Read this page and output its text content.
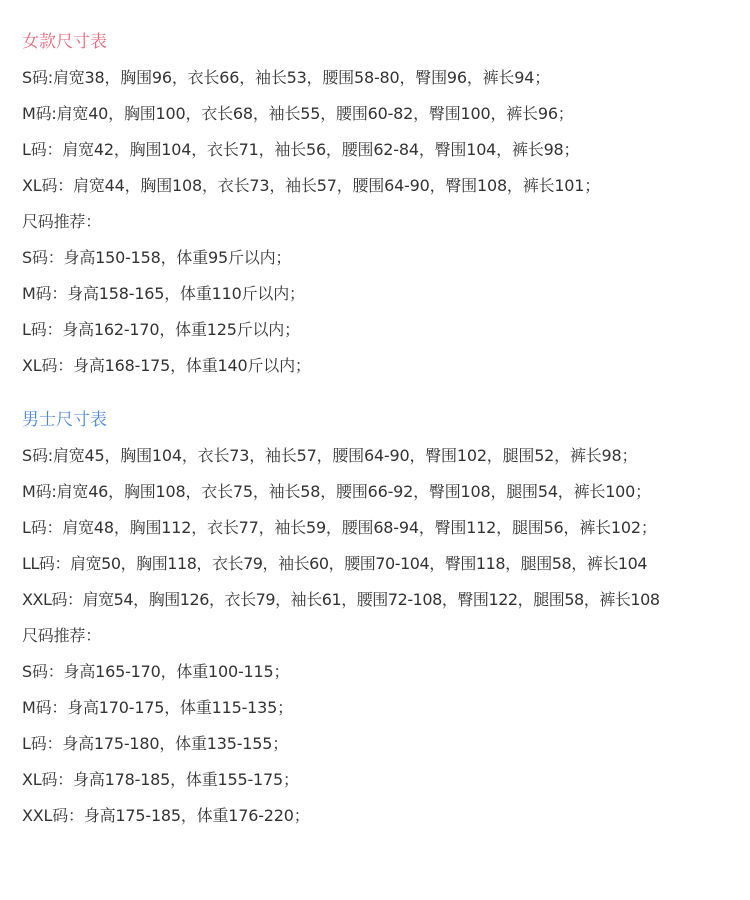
女款尺寸表
S码:肩宽38，胸围96，衣长66，袖长53，腰围58-80，臀围96，裤长94；
M码:肩宽40，胸围100，衣长68，袖长55，腰围60-82，臀围100，裤长96；
L码：肩宽42，胸围104，衣长71，袖长56，腰围62-84，臀围104，裤长98；
XL码：肩宽44，胸围108，衣长73，袖长57，腰围64-90，臀围108，裤长101；
尺码推荐：
S码：身高150-158，体重95斤以内；
M码：身高158-165，体重110斤以内；
L码：身高162-170，体重125斤以内；
XL码：身高168-175，体重140斤以内；
男士尺寸表
S码:肩宽45，胸围104，衣长73，袖长57，腰围64-90，臀围102，腿围52，裤长98；
M码:肩宽46，胸围108，衣长75，袖长58，腰围66-92，臀围108，腿围54，裤长100；
L码：肩宽48，胸围112，衣长77，袖长59，腰围68-94，臀围112，腿围56，裤长102；
LL码：肩宽50，胸围118，衣长79，袖长60，腰围70-104，臀围118，腿围58，裤长104
XXL码：肩宽54，胸围126，衣长79，袖长61，腰围72-108，臀围122，腿围58，裤长108
尺码推荐：
S码：身高165-170，体重100-115；
M码：身高170-175，体重115-135；
L码：身高175-180，体重135-155；
XL码：身高178-185，体重155-175；
XXL码：身高175-185，体重176-220；
